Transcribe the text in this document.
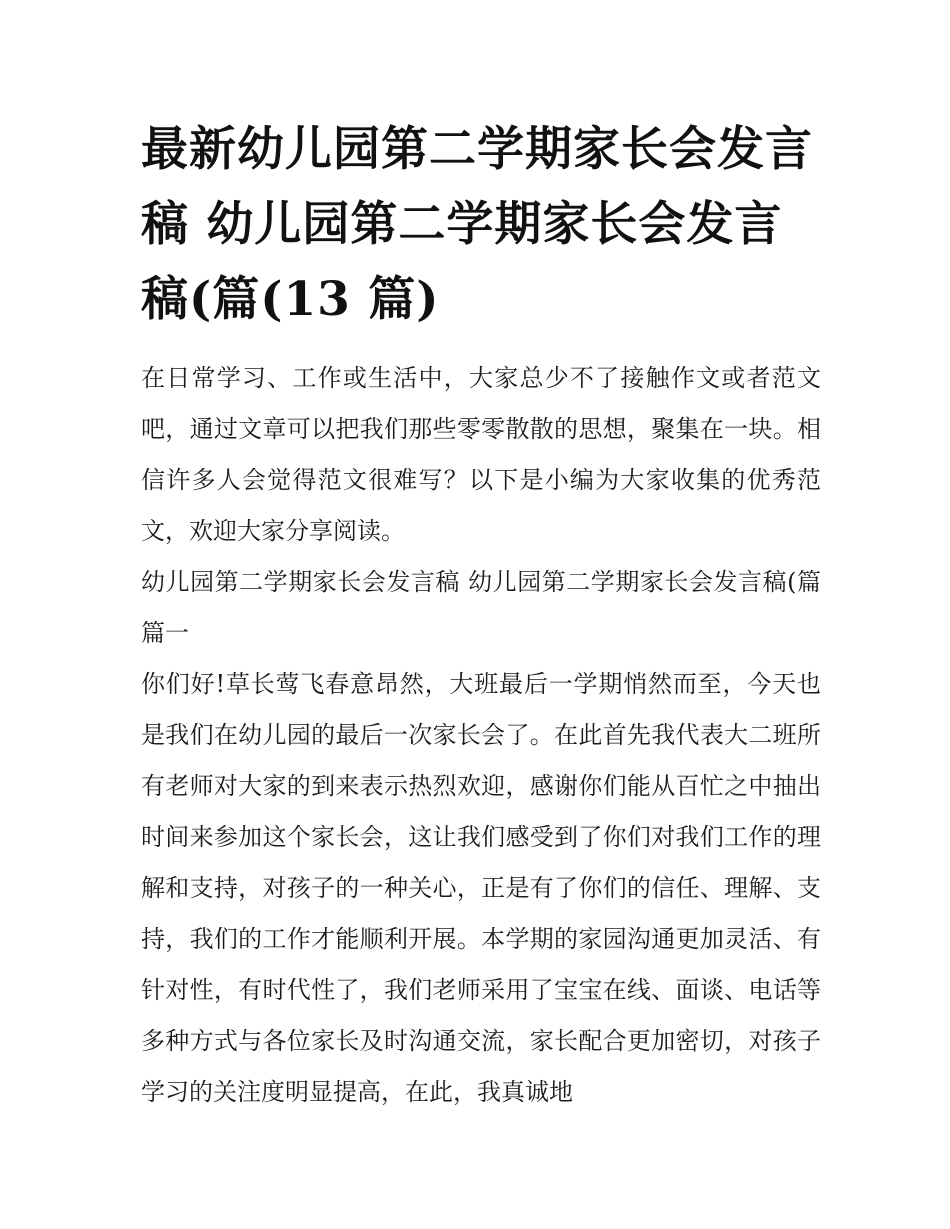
最新幼儿园第二学期家长会发言稿 幼儿园第二学期家长会发言稿(篇(13 篇)

在日常学习、工作或生活中，大家总少不了接触作文或者范文吧，通过文章可以把我们那些零零散散的思想，聚集在一块。相信许多人会觉得范文很难写？以下是小编为大家收集的优秀范文，欢迎大家分享阅读。

幼儿园第二学期家长会发言稿 幼儿园第二学期家长会发言稿(篇篇一

你们好!草长莺飞春意昂然，大班最后一学期悄然而至，今天也是我们在幼儿园的最后一次家长会了。在此首先我代表大二班所有老师对大家的到来表示热烈欢迎，感谢你们能从百忙之中抽出时间来参加这个家长会，这让我们感受到了你们对我们工作的理解和支持，对孩子的一种关心，正是有了你们的信任、理解、支持，我们的工作才能顺利开展。本学期的家园沟通更加灵活、有针对性，有时代性了，我们老师采用了宝宝在线、面谈、电话等多种方式与各位家长及时沟通交流，家长配合更加密切，对孩子学习的关注度明显提高，在此，我真诚地
